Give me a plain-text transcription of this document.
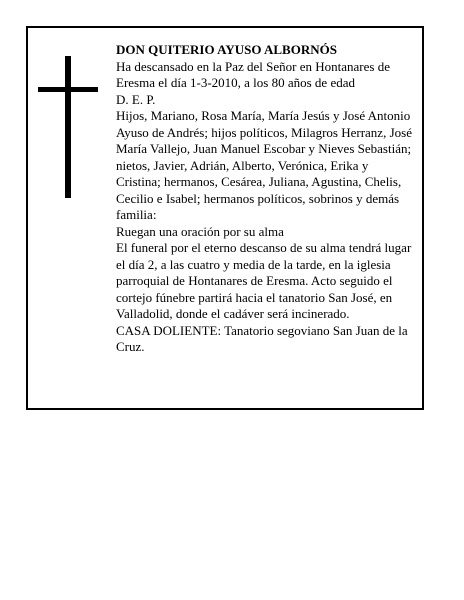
DON QUITERIO AYUSO ALBORNÓS

Ha descansado en la Paz del Señor en Hontanares de Eresma el día 1-3-2010, a los 80 años de edad

D. E. P.

Hijos, Mariano, Rosa María, María Jesús y José Antonio Ayuso de Andrés; hijos políticos, Milagros Herranz, José María Vallejo, Juan Manuel Escobar y Nieves Sebastián; nietos, Javier, Adrián, Alberto, Verónica, Erika y Cristina; hermanos, Cesárea, Juliana, Agustina, Chelis, Cecilio e Isabel; hermanos políticos, sobrinos y demás familia:

Ruegan una oración por su alma

El funeral por el eterno descanso de su alma tendrá lugar el día 2, a las cuatro y media de la tarde, en la iglesia parroquial de Hontanares de Eresma. Acto seguido el cortejo fúnebre partirá hacia el tanatorio San José, en Valladolid, donde el cadáver será incinerado.

CASA DOLIENTE: Tanatorio segoviano San Juan de la Cruz.
